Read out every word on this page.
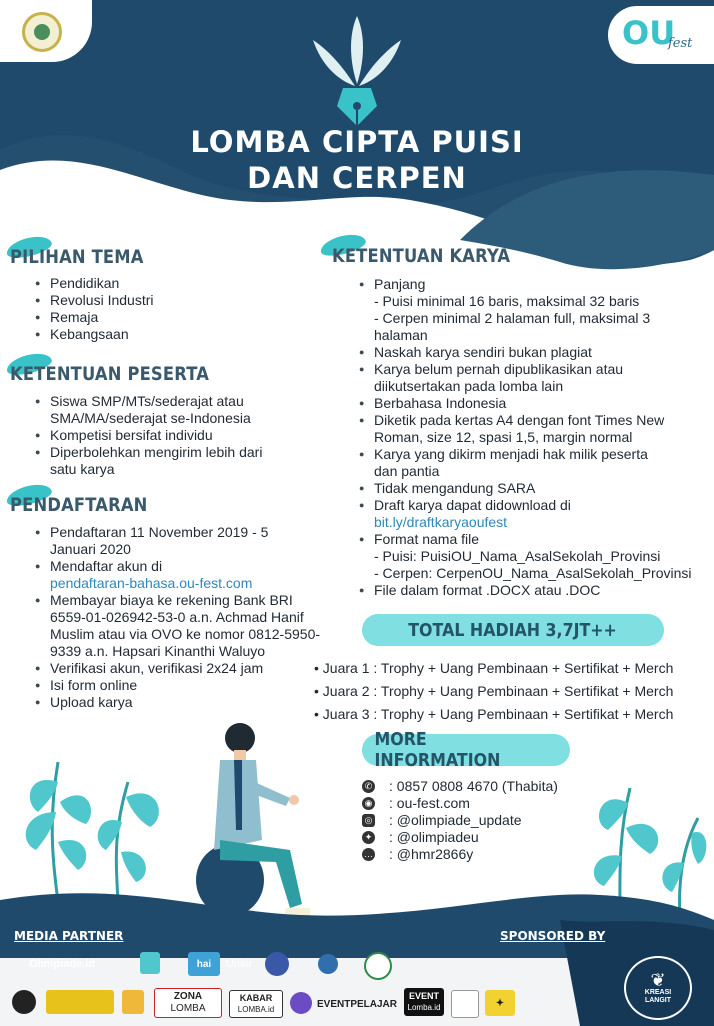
OU
fest
LOMBA CIPTA PUISI
DAN CERPEN
PILIHAN TEMA
● Pendidikan
● Revolusi Industri
● Remaja
● Kebangsaan
KETENTUAN PESERTA
● Siswa SMP/MTs/sederajat atau SMA/MA/sederajat se-Indonesia
● Kompetisi bersifat individu
● Diperbolehkan mengirim lebih dari satu karya
PENDAFTARAN
● Pendaftaran 11 November 2019 - 5 Januari 2020
● Mendaftar akun di
pendaftaran-bahasa.ou-fest.com
● Membayar biaya ke rekening Bank BRI 6559-01-026942-53-0 a.n. Achmad Hanif Muslim atau via OVO ke nomor 0812-5950-9339 a.n. Hapsari Kinanthi Waluyo
● Verifikasi akun, verifikasi 2x24 jam
● Isi form online
● Upload karya
KETENTUAN KARYA
● Panjang
- Puisi minimal 16 baris, maksimal 32 baris
- Cerpen minimal 2 halaman full, maksimal 3 halaman
● Naskah karya sendiri bukan plagiat
● Karya belum pernah dipublikasikan atau diikutsertakan pada lomba lain
● Berbahasa Indonesia
● Diketik pada kertas A4 dengan font Times New Roman, size 12, spasi 1,5, margin normal
● Karya yang dikirm menjadi hak milik peserta dan pantia
● Tidak mengandung SARA
● Draft karya dapat didownload di
bit.ly/draftkaryaoufest
● Format nama file
- Puisi: PuisiOU_Nama_AsalSekolah_Provinsi
- Cerpen: CerpenOU_Nama_AsalSekolah_Provinsi
● File dalam format .DOCX atau .DOC
TOTAL HADIAH 3,7JT++
• Juara 1 : Trophy + Uang Pembinaan + Sertifikat + Merch
• Juara 2 : Trophy + Uang Pembinaan + Sertifikat + Merch
• Juara 3 : Trophy + Uang Pembinaan + Sertifikat + Merch
MORE INFORMATION
✆ : 0857 0808 4670 (Thabita)
◉ : ou-fest.com
◎ : @olimpiade_update
✦ : @olimpiadeu
… : @hmr2866y
MEDIA PARTNER	SPONSORED BY
Olimpiade.id	hai Unair
ZONA
LOMBA
KABAR
LOMBA.id	EVENTPELAJAR
EVENT
Lomba.id	✦
❦
KREASI LANGIT
